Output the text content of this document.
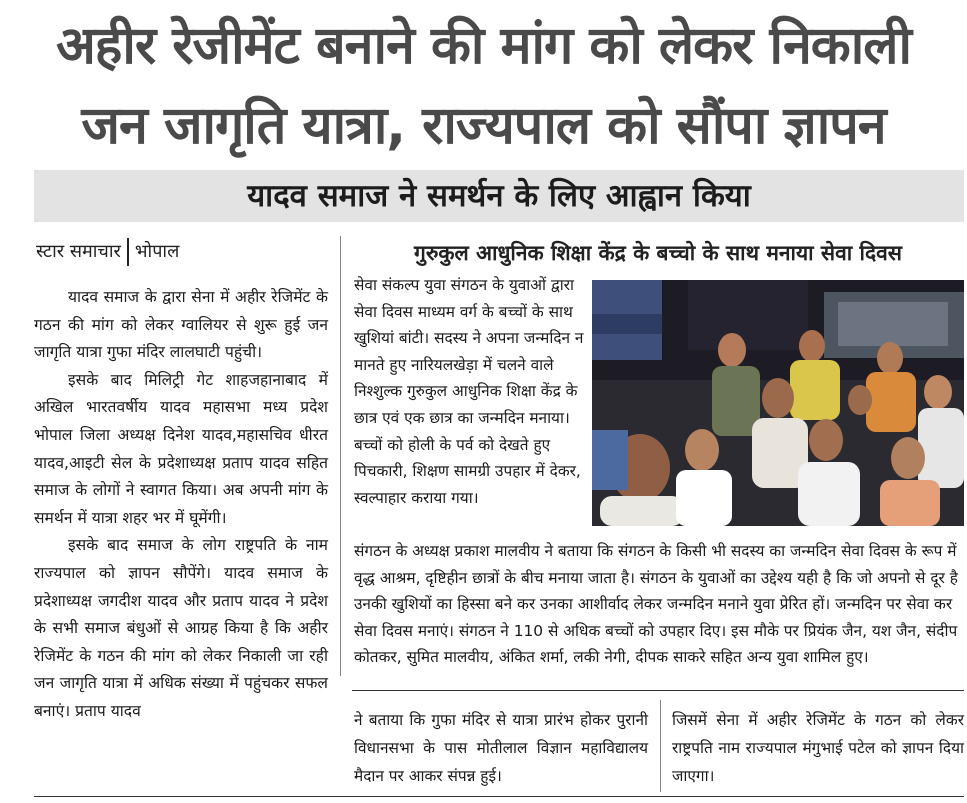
अहीर रेजीमेंट बनाने की मांग को लेकर निकाली
जन जागृति यात्रा, राज्यपाल को सौंपा ज्ञापन
यादव समाज ने समर्थन के लिए आह्वान किया
स्टार समाचार भोपाल

यादव समाज के द्वारा सेना में अहीर रेजिमेंट के गठन की मांग को लेकर ग्वालियर से शुरू हुई जन जागृति यात्रा गुफा मंदिर लालघाटी पहुंची।

इसके बाद मिलिट्री गेट शाहजहानाबाद में अखिल भारतवर्षीय यादव महासभा मध्य प्रदेश भोपाल जिला अध्यक्ष दिनेश यादव,महासचिव धीरत यादव,आइटी सेल के प्रदेशाध्यक्ष प्रताप यादव सहित समाज के लोगों ने स्वागत किया। अब अपनी मांग के समर्थन में यात्रा शहर भर में घूमेंगी।

इसके बाद समाज के लोग राष्ट्रपति के नाम राज्यपाल को ज्ञापन सौपेंगे। यादव समाज के प्रदेशाध्यक्ष जगदीश यादव और प्रताप यादव ने प्रदेश के सभी समाज बंधुओं से आग्रह किया है कि अहीर रेजिमेंट के गठन की मांग को लेकर निकाली जा रही जन जागृति यात्रा में अधिक संख्या में पहुंचकर सफल बनाएं। प्रताप यादव

गुरुकुल आधुनिक शिक्षा केंद्र के बच्चो के साथ मनाया सेवा दिवस
सेवा संकल्प युवा संगठन के युवाओं द्वारा सेवा दिवस माध्यम वर्ग के बच्चों के साथ खुशियां बांटी। सदस्य ने अपना जन्मदिन न मानते हुए नारियलखेड़ा में चलने वाले निश्शुल्क गुरुकुल आधुनिक शिक्षा केंद्र के छात्र एवं एक छात्र का जन्मदिन मनाया। बच्चों को होली के पर्व को देखते हुए पिचकारी, शिक्षण सामग्री उपहार में देकर, स्वल्पाहार कराया गया।
संगठन के अध्यक्ष प्रकाश मालवीय ने बताया कि संगठन के किसी भी सदस्य का जन्मदिन सेवा दिवस के रूप में वृद्ध आश्रम, दृष्टिहीन छात्रों के बीच मनाया जाता है। संगठन के युवाओं का उद्देश्य यही है कि जो अपनो से दूर है उनकी खुशियों का हिस्सा बने कर उनका आशीर्वाद लेकर जन्मदिन मनाने युवा प्रेरित हों। जन्मदिन पर सेवा कर सेवा दिवस मनाएं। संगठन ने 110 से अधिक बच्चों को उपहार दिए। इस मौके पर प्रियंक जैन, यश जैन, संदीप कोतकर, सुमित मालवीय, अंकित शर्मा, लकी नेगी, दीपक साकरे सहित अन्य युवा शामिल हुए।
ने बताया कि गुफा मंदिर से यात्रा प्रारंभ होकर पुरानी विधानसभा के पास मोतीलाल विज्ञान महाविद्यालय मैदान पर आकर संपन्न हुई।
जिसमें सेना में अहीर रेजिमेंट के गठन को लेकर राष्ट्रपति नाम राज्यपाल मंगुभाई पटेल को ज्ञापन दिया जाएगा।
